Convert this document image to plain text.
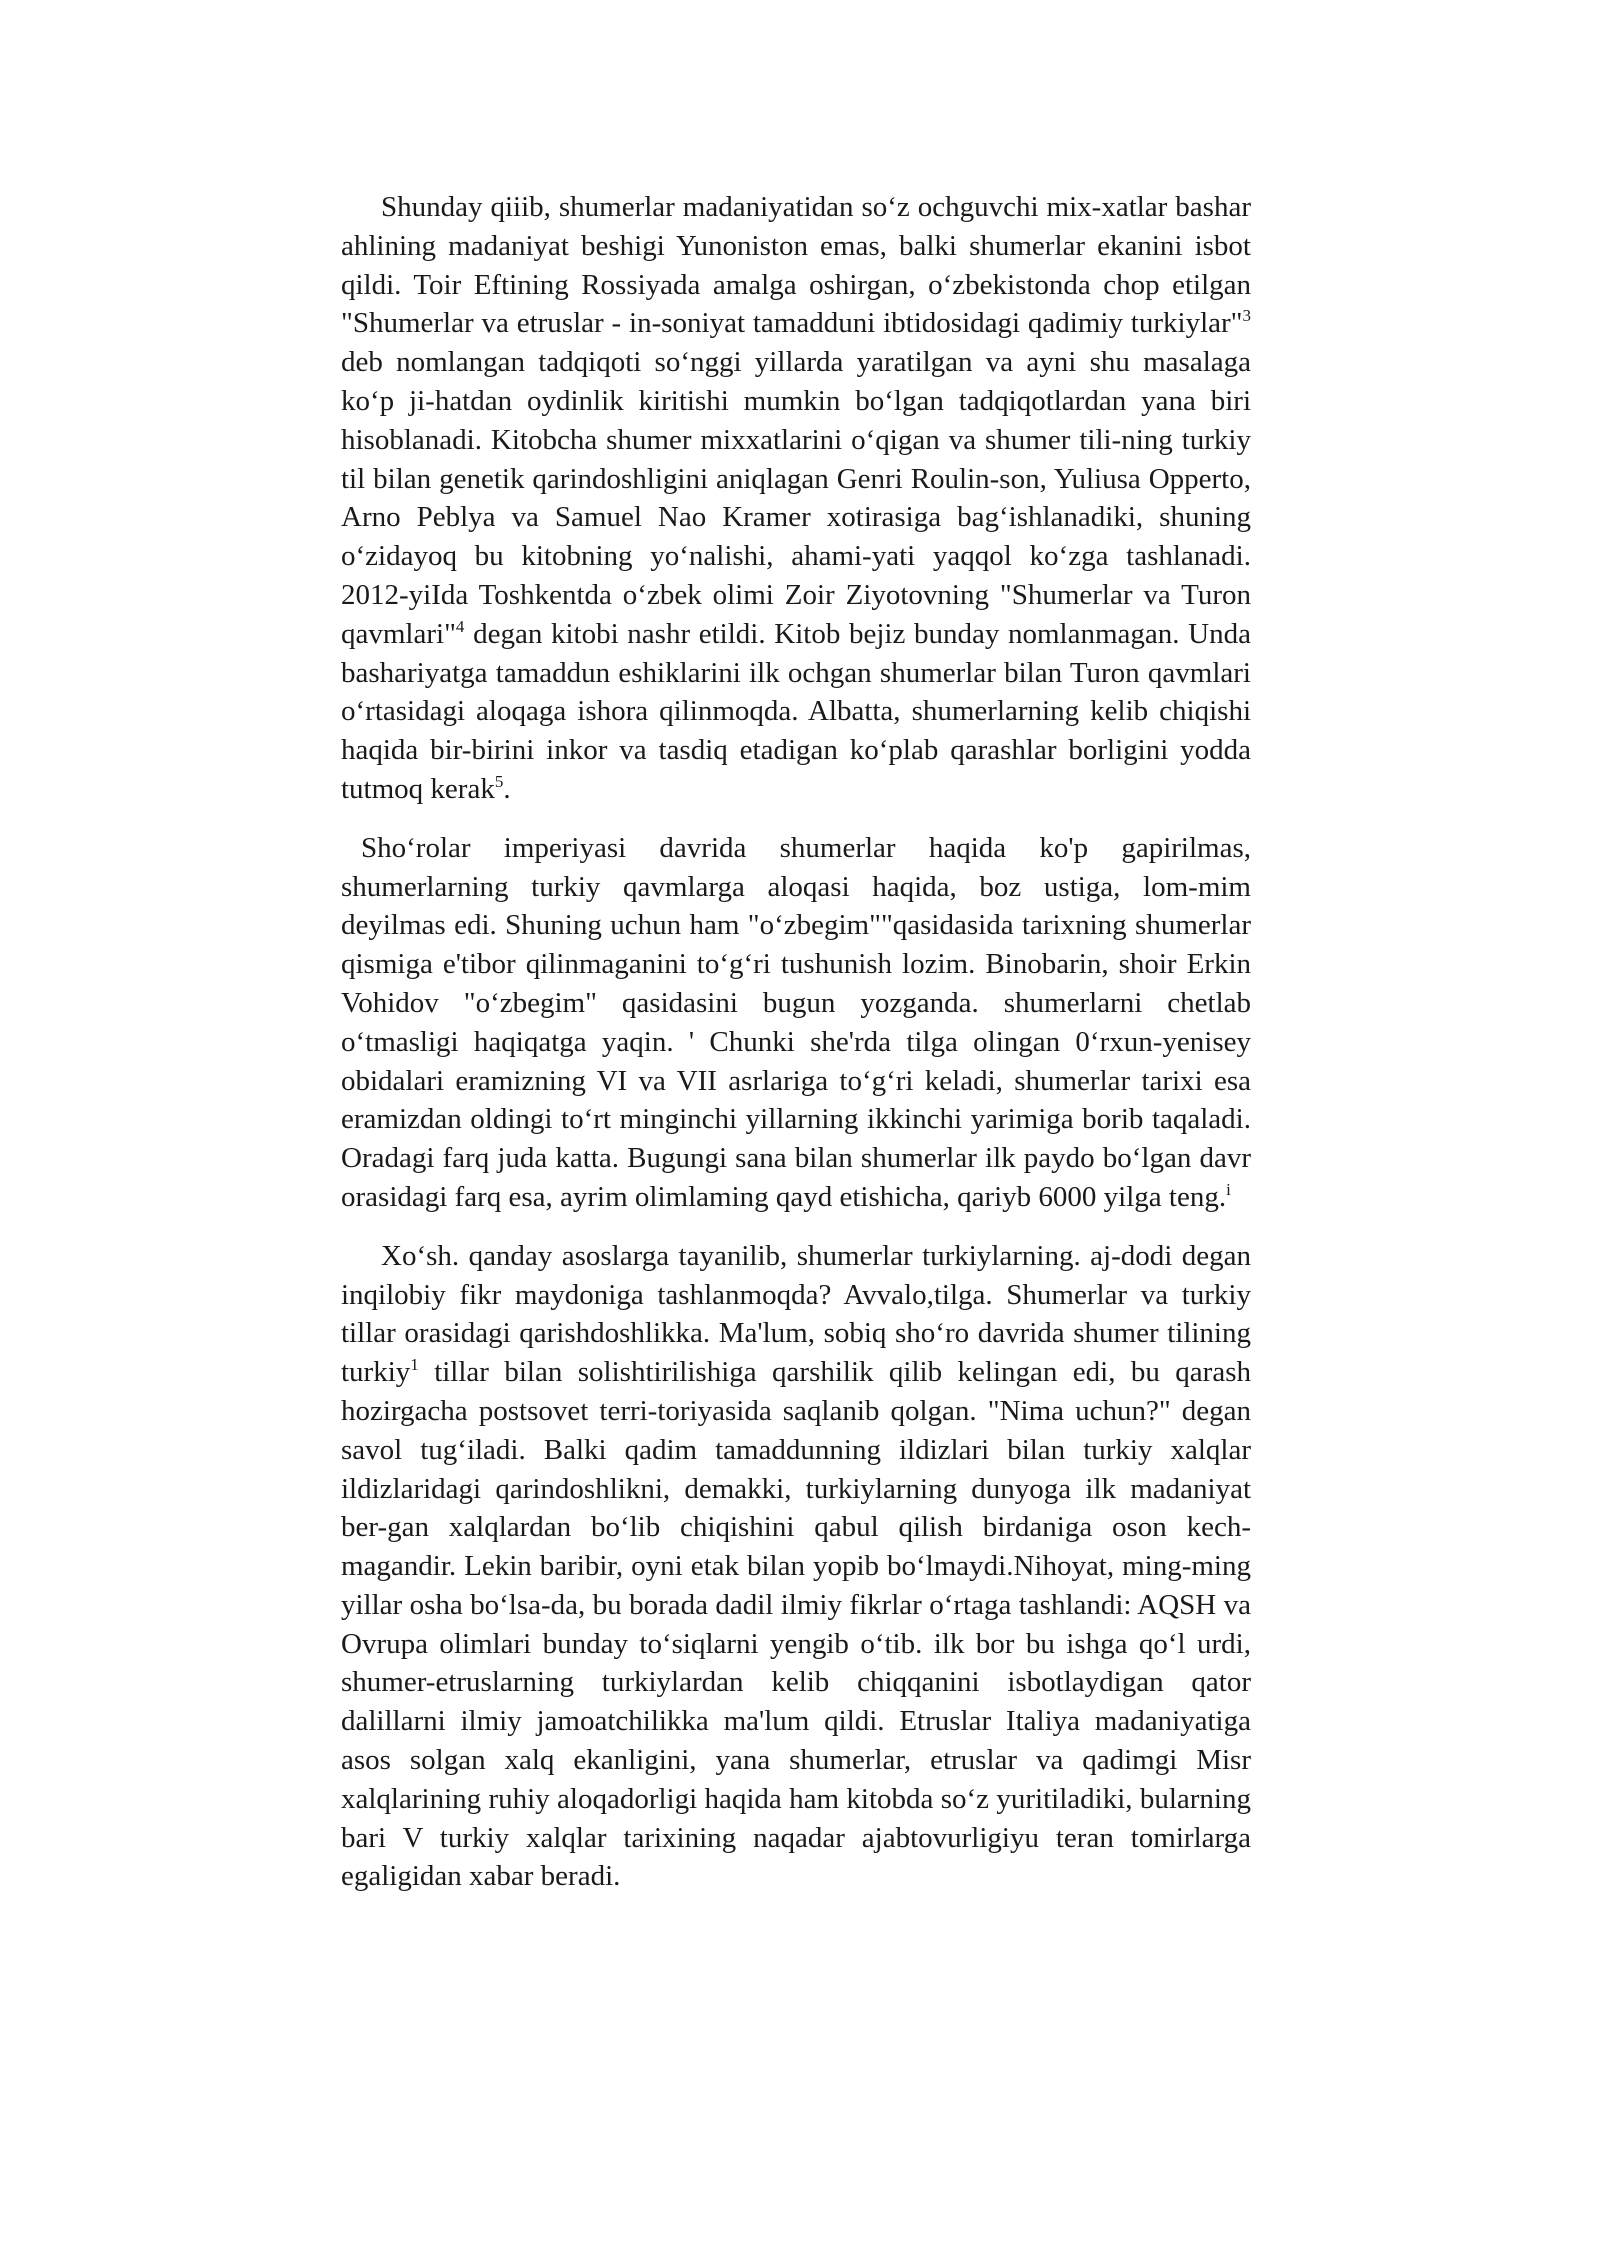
Shunday qiiib, shumerlar madaniyatidan so‘z ochguvchi mix-xatlar bashar ahlining madaniyat beshigi Yunoniston emas, balki shumerlar ekanini isbot qildi. Toir Eftining Rossiyada amalga oshirgan, o‘zbekistonda chop etilgan "Shumerlar va etruslar - in-soniyat tamadduni ibtidosidagi qadimiy turkiylar"$^3$ deb nomlangan tadqiqoti so‘nggi yillarda yaratilgan va ayni shu masalaga ko‘p ji-hatdan oydinlik kiritishi mumkin bo‘lgan tadqiqotlardan yana biri hisoblanadi. Kitobcha shumer mixxatlarini o‘qigan va shumer tili-ning turkiy til bilan genetik qarindoshligini aniqlagan Genri Roulin-son, Yuliusa Opperto, Arno Peblya va Samuel Nao Kramer xotirasiga bag‘ishlanadiki, shuning o‘zidayoq bu kitobning yo‘nalishi, ahami-yati yaqqol ko‘zga tashlanadi. 2012-yiIda Toshkentda o‘zbek olimi Zoir Ziyotovning "Shumerlar va Turon qavmlari"$^4$ degan kitobi nashr etildi. Kitob bejiz bunday nomlanmagan. Unda bashariyatga tamaddun eshiklarini ilk ochgan shumerlar bilan Turon qavmlari o‘rtasidagi aloqaga ishora qilinmoqda. Albatta, shumerlarning kelib chiqishi haqida bir-birini inkor va tasdiq etadigan ko‘plab qarashlar borligini yodda tutmoq kerak$^5$.

Sho‘rolar imperiyasi davrida shumerlar haqida ko'p gapirilmas, shumerlarning turkiy qavmlarga aloqasi haqida, boz ustiga, lom-mim deyilmas edi. Shuning uchun ham "o‘zbegim""qasidasida tarixning shumerlar qismiga e'tibor qilinmaganini to‘g‘ri tushunish lozim. Binobarin, shoir Erkin Vohidov "o‘zbegim" qasidasini bugun yozganda. shumerlarni chetlab o‘tmasligi haqiqatga yaqin. ' Chunki she'rda tilga olingan 0‘rxun-yenisey obidalari eramizning VI va VII asrlariga to‘g‘ri keladi, shumerlar tarixi esa eramizdan oldingi to‘rt minginchi yillarning ikkinchi yarimiga borib taqaladi. Oradagi farq juda katta. Bugungi sana bilan shumerlar ilk paydo bo‘lgan davr orasidagi farq esa, ayrim olimlaming qayd etishicha, qariyb 6000 yilga teng.$^i$

Xo‘sh. qanday asoslarga tayanilib, shumerlar turkiylarning. aj-dodi degan inqilobiy fikr maydoniga tashlanmoqda? Avvalo,tilga. Shumerlar va turkiy tillar orasidagi qarishdoshlikka. Ma'lum, sobiq sho‘ro davrida shumer tilining turkiy$^1$ tillar bilan solishtirilishiga qarshilik qilib kelingan edi, bu qarash hozirgacha postsovet terri-toriyasida saqlanib qolgan. "Nima uchun?" degan savol tug‘iladi. Balki qadim tamaddunning ildizlari bilan turkiy xalqlar ildizlaridagi qarindoshlikni, demakki, turkiylarning dunyoga ilk madaniyat ber-gan xalqlardan bo‘lib chiqishini qabul qilish birdaniga oson kech-magandir. Lekin baribir, oyni etak bilan yopib bo‘lmaydi.Nihoyat, ming-ming yillar osha bo‘lsa-da, bu borada dadil ilmiy fikrlar o‘rtaga tashlandi: AQSH va Ovrupa olimlari bunday to‘siqlarni yengib o‘tib. ilk bor bu ishga qo‘l urdi, shumer-etruslarning turkiylardan kelib chiqqanini isbotlaydigan qator dalillarni ilmiy jamoatchilikka ma'lum qildi. Etruslar Italiya madaniyatiga asos solgan xalq ekanligini, yana shumerlar, etruslar va qadimgi Misr xalqlarining ruhiy aloqadorligi haqida ham kitobda so‘z yuritiladiki, bularning bari V turkiy xalqlar tarixining naqadar ajabtovurligiyu teran tomirlarga egaligidan xabar beradi.
